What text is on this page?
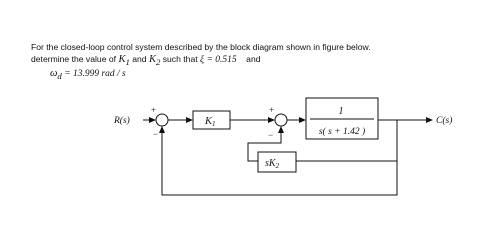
For the closed-loop control system described by the block diagram shown in figure below.
determine the value of $K_1$ and $K_2$ such that ξ = 0.515 and
$\omega_d = 13.999$ rad / s
R(s)	C(s)
+
−
+
−
K1
1
s( s + 1.42 )
$sK_2$
